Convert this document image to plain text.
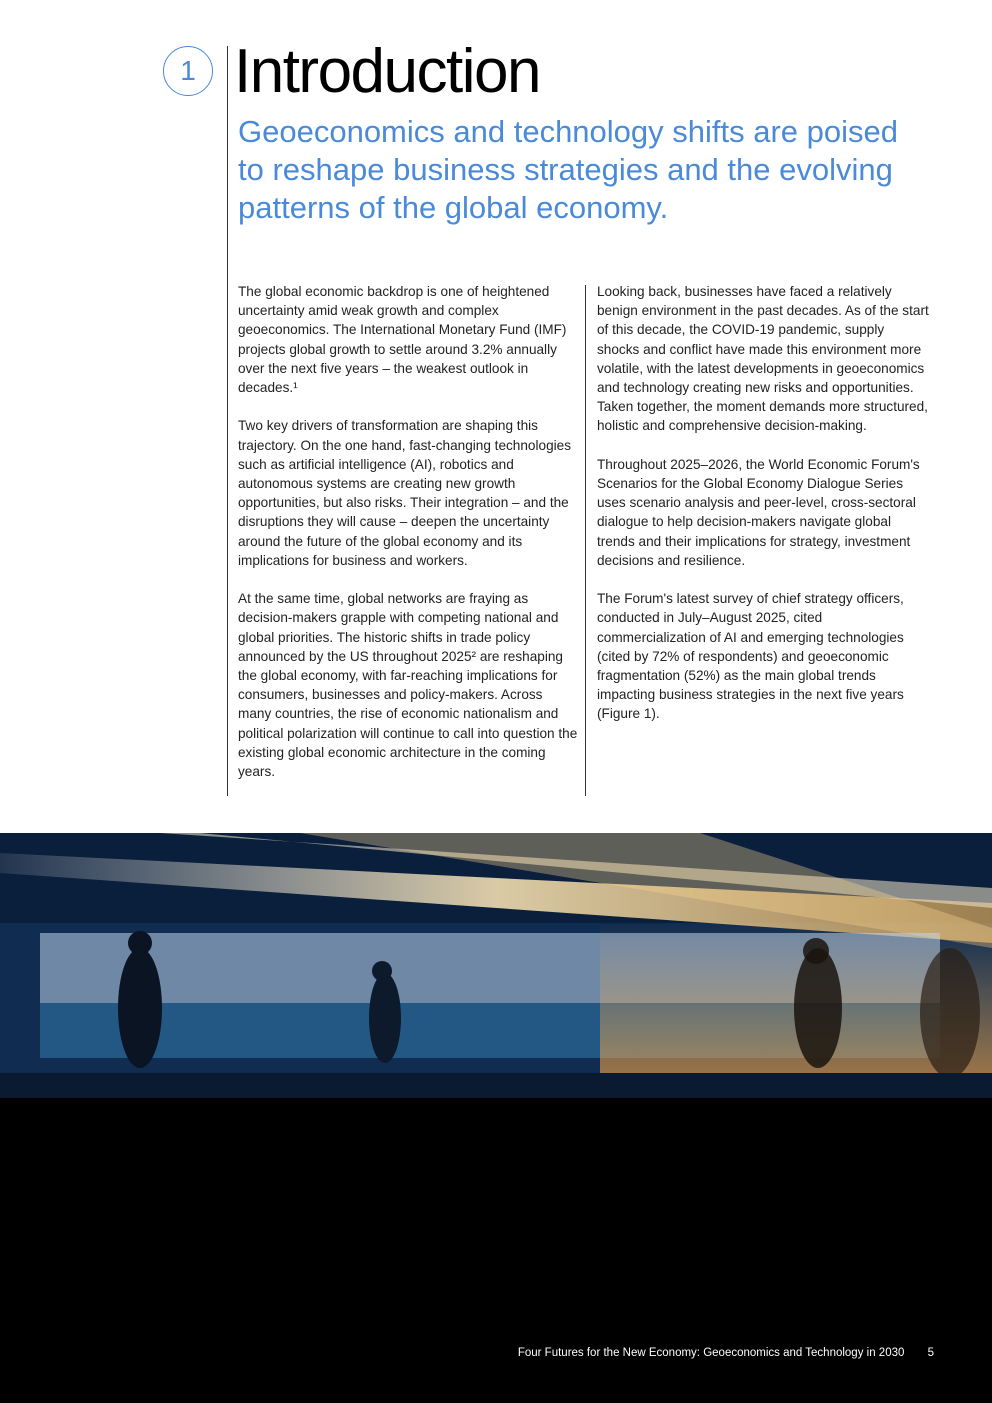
1 Introduction
Geoeconomics and technology shifts are poised to reshape business strategies and the evolving patterns of the global economy.

The global economic backdrop is one of heightened uncertainty amid weak growth and complex geoeconomics. The International Monetary Fund (IMF) projects global growth to settle around 3.2% annually over the next five years – the weakest outlook in decades.¹

Two key drivers of transformation are shaping this trajectory. On the one hand, fast-changing technologies such as artificial intelligence (AI), robotics and autonomous systems are creating new growth opportunities, but also risks. Their integration – and the disruptions they will cause – deepen the uncertainty around the future of the global economy and its implications for business and workers.

At the same time, global networks are fraying as decision-makers grapple with competing national and global priorities. The historic shifts in trade policy announced by the US throughout 2025² are reshaping the global economy, with far-reaching implications for consumers, businesses and policy-makers. Across many countries, the rise of economic nationalism and political polarization will continue to call into question the existing global economic architecture in the coming years.

Looking back, businesses have faced a relatively benign environment in the past decades. As of the start of this decade, the COVID-19 pandemic, supply shocks and conflict have made this environment more volatile, with the latest developments in geoeconomics and technology creating new risks and opportunities. Taken together, the moment demands more structured, holistic and comprehensive decision-making.

Throughout 2025–2026, the World Economic Forum's Scenarios for the Global Economy Dialogue Series uses scenario analysis and peer-level, cross-sectoral dialogue to help decision-makers navigate global trends and their implications for strategy, investment decisions and resilience.

The Forum's latest survey of chief strategy officers, conducted in July–August 2025, cited commercialization of AI and emerging technologies (cited by 72% of respondents) and geoeconomic fragmentation (52%) as the main global trends impacting business strategies in the next five years (Figure 1).

Four Futures for the New Economy: Geoeconomics and Technology in 2030 5
